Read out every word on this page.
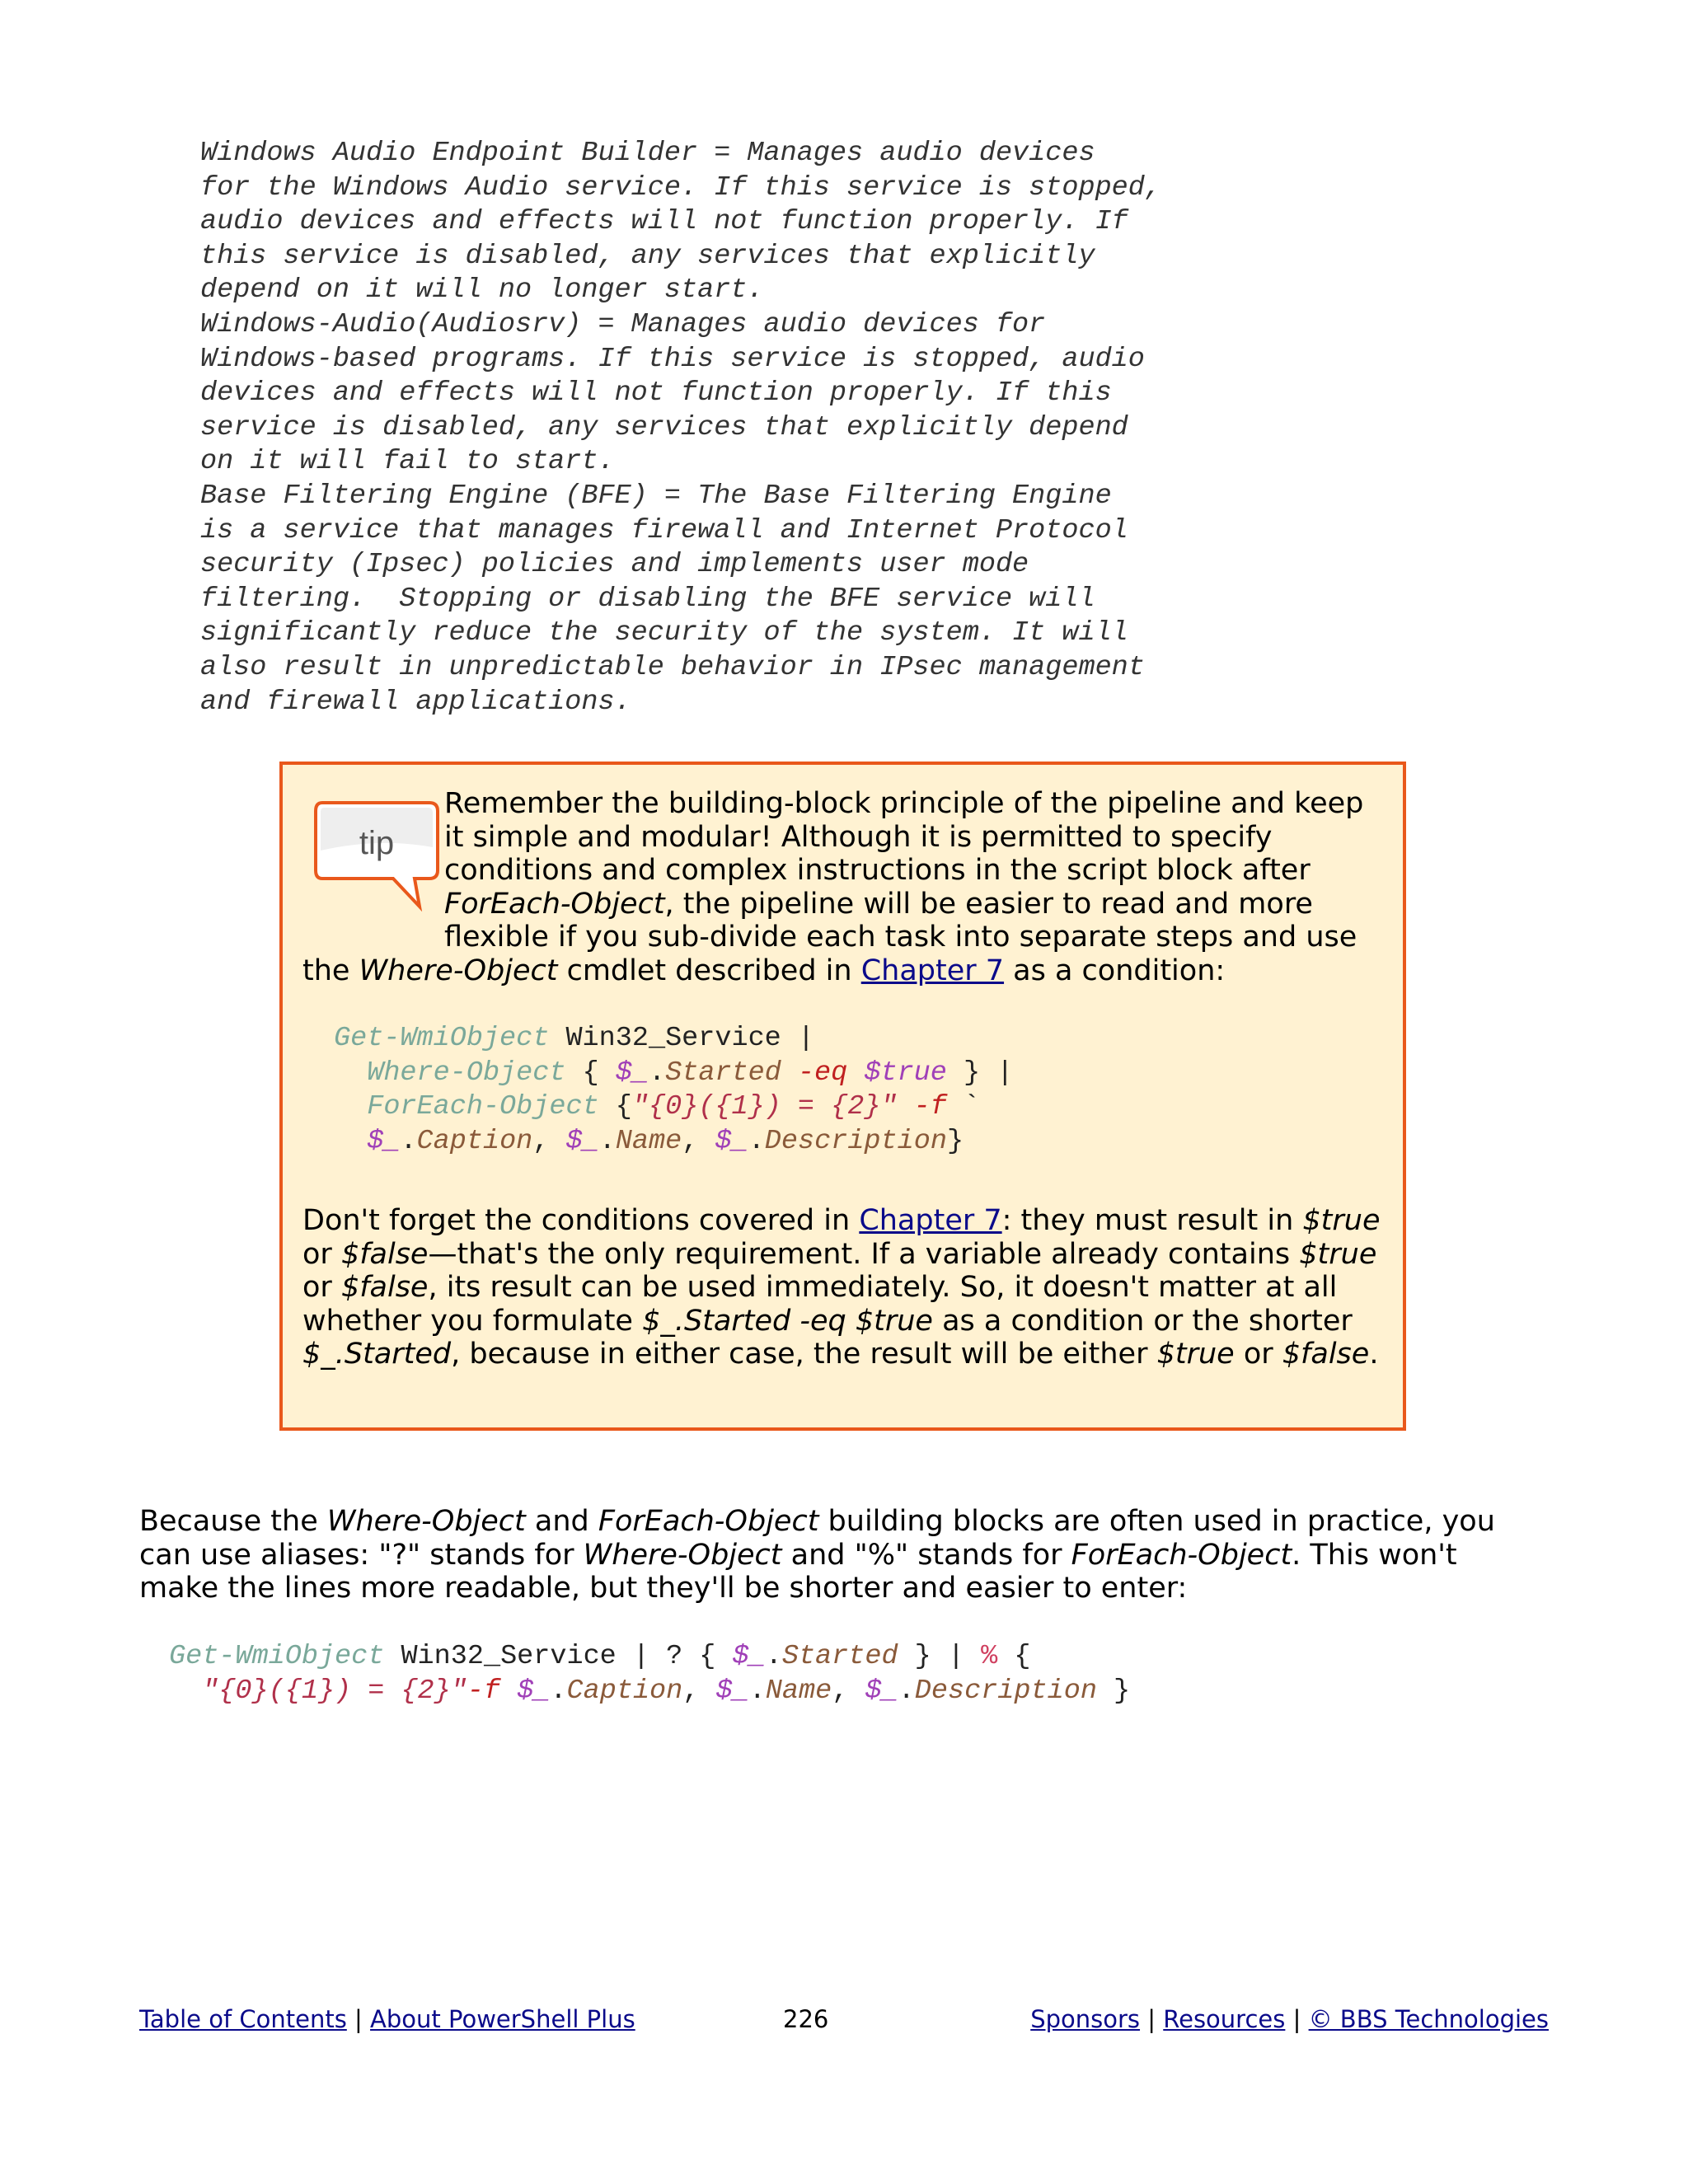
Windows Audio Endpoint Builder = Manages audio devices
for the Windows Audio service. If this service is stopped,
audio devices and effects will not function properly. If
this service is disabled, any services that explicitly
depend on it will no longer start.
Windows-Audio(Audiosrv) = Manages audio devices for
Windows-based programs. If this service is stopped, audio
devices and effects will not function properly. If this
service is disabled, any services that explicitly depend
on it will fail to start.
Base Filtering Engine (BFE) = The Base Filtering Engine
is a service that manages firewall and Internet Protocol
security (Ipsec) policies and implements user mode
filtering.  Stopping or disabling the BFE service will
significantly reduce the security of the system. It will
also result in unpredictable behavior in IPsec management
and firewall applications.
tip
Remember the building-block principle of the pipeline and keep it simple and modular! Although it is permitted to specify conditions and complex instructions in the script block after ForEach-Object, the pipeline will be easier to read and more flexible if you sub-divide each task into separate steps and use the Where-Object cmdlet described in Chapter 7 as a condition:
Get-WmiObject Win32_Service |
Where-Object { $_.Started -eq $true } |
ForEach-Object {"{0}({1}) = {2}" -f `
$_.Caption, $_.Name, $_.Description}
Don't forget the conditions covered in Chapter 7: they must result in $true or $false—that's the only requirement. If a variable already contains $true or $false, its result can be used immediately. So, it doesn't matter at all whether you formulate $_.Started -eq $true as a condition or the shorter $_.Started, because in either case, the result will be either $true or $false.
Because the Where-Object and ForEach-Object building blocks are often used in practice, you can use aliases: "?" stands for Where-Object and "%" stands for ForEach-Object. This won't make the lines more readable, but they'll be shorter and easier to enter:
Get-WmiObject Win32_Service | ? { $_.Started } | % {
"{0}({1}) = {2}"-f $_.Caption, $_.Name, $_.Description }
Table of Contents | About PowerShell Plus	226	Sponsors | Resources | © BBS Technologies
